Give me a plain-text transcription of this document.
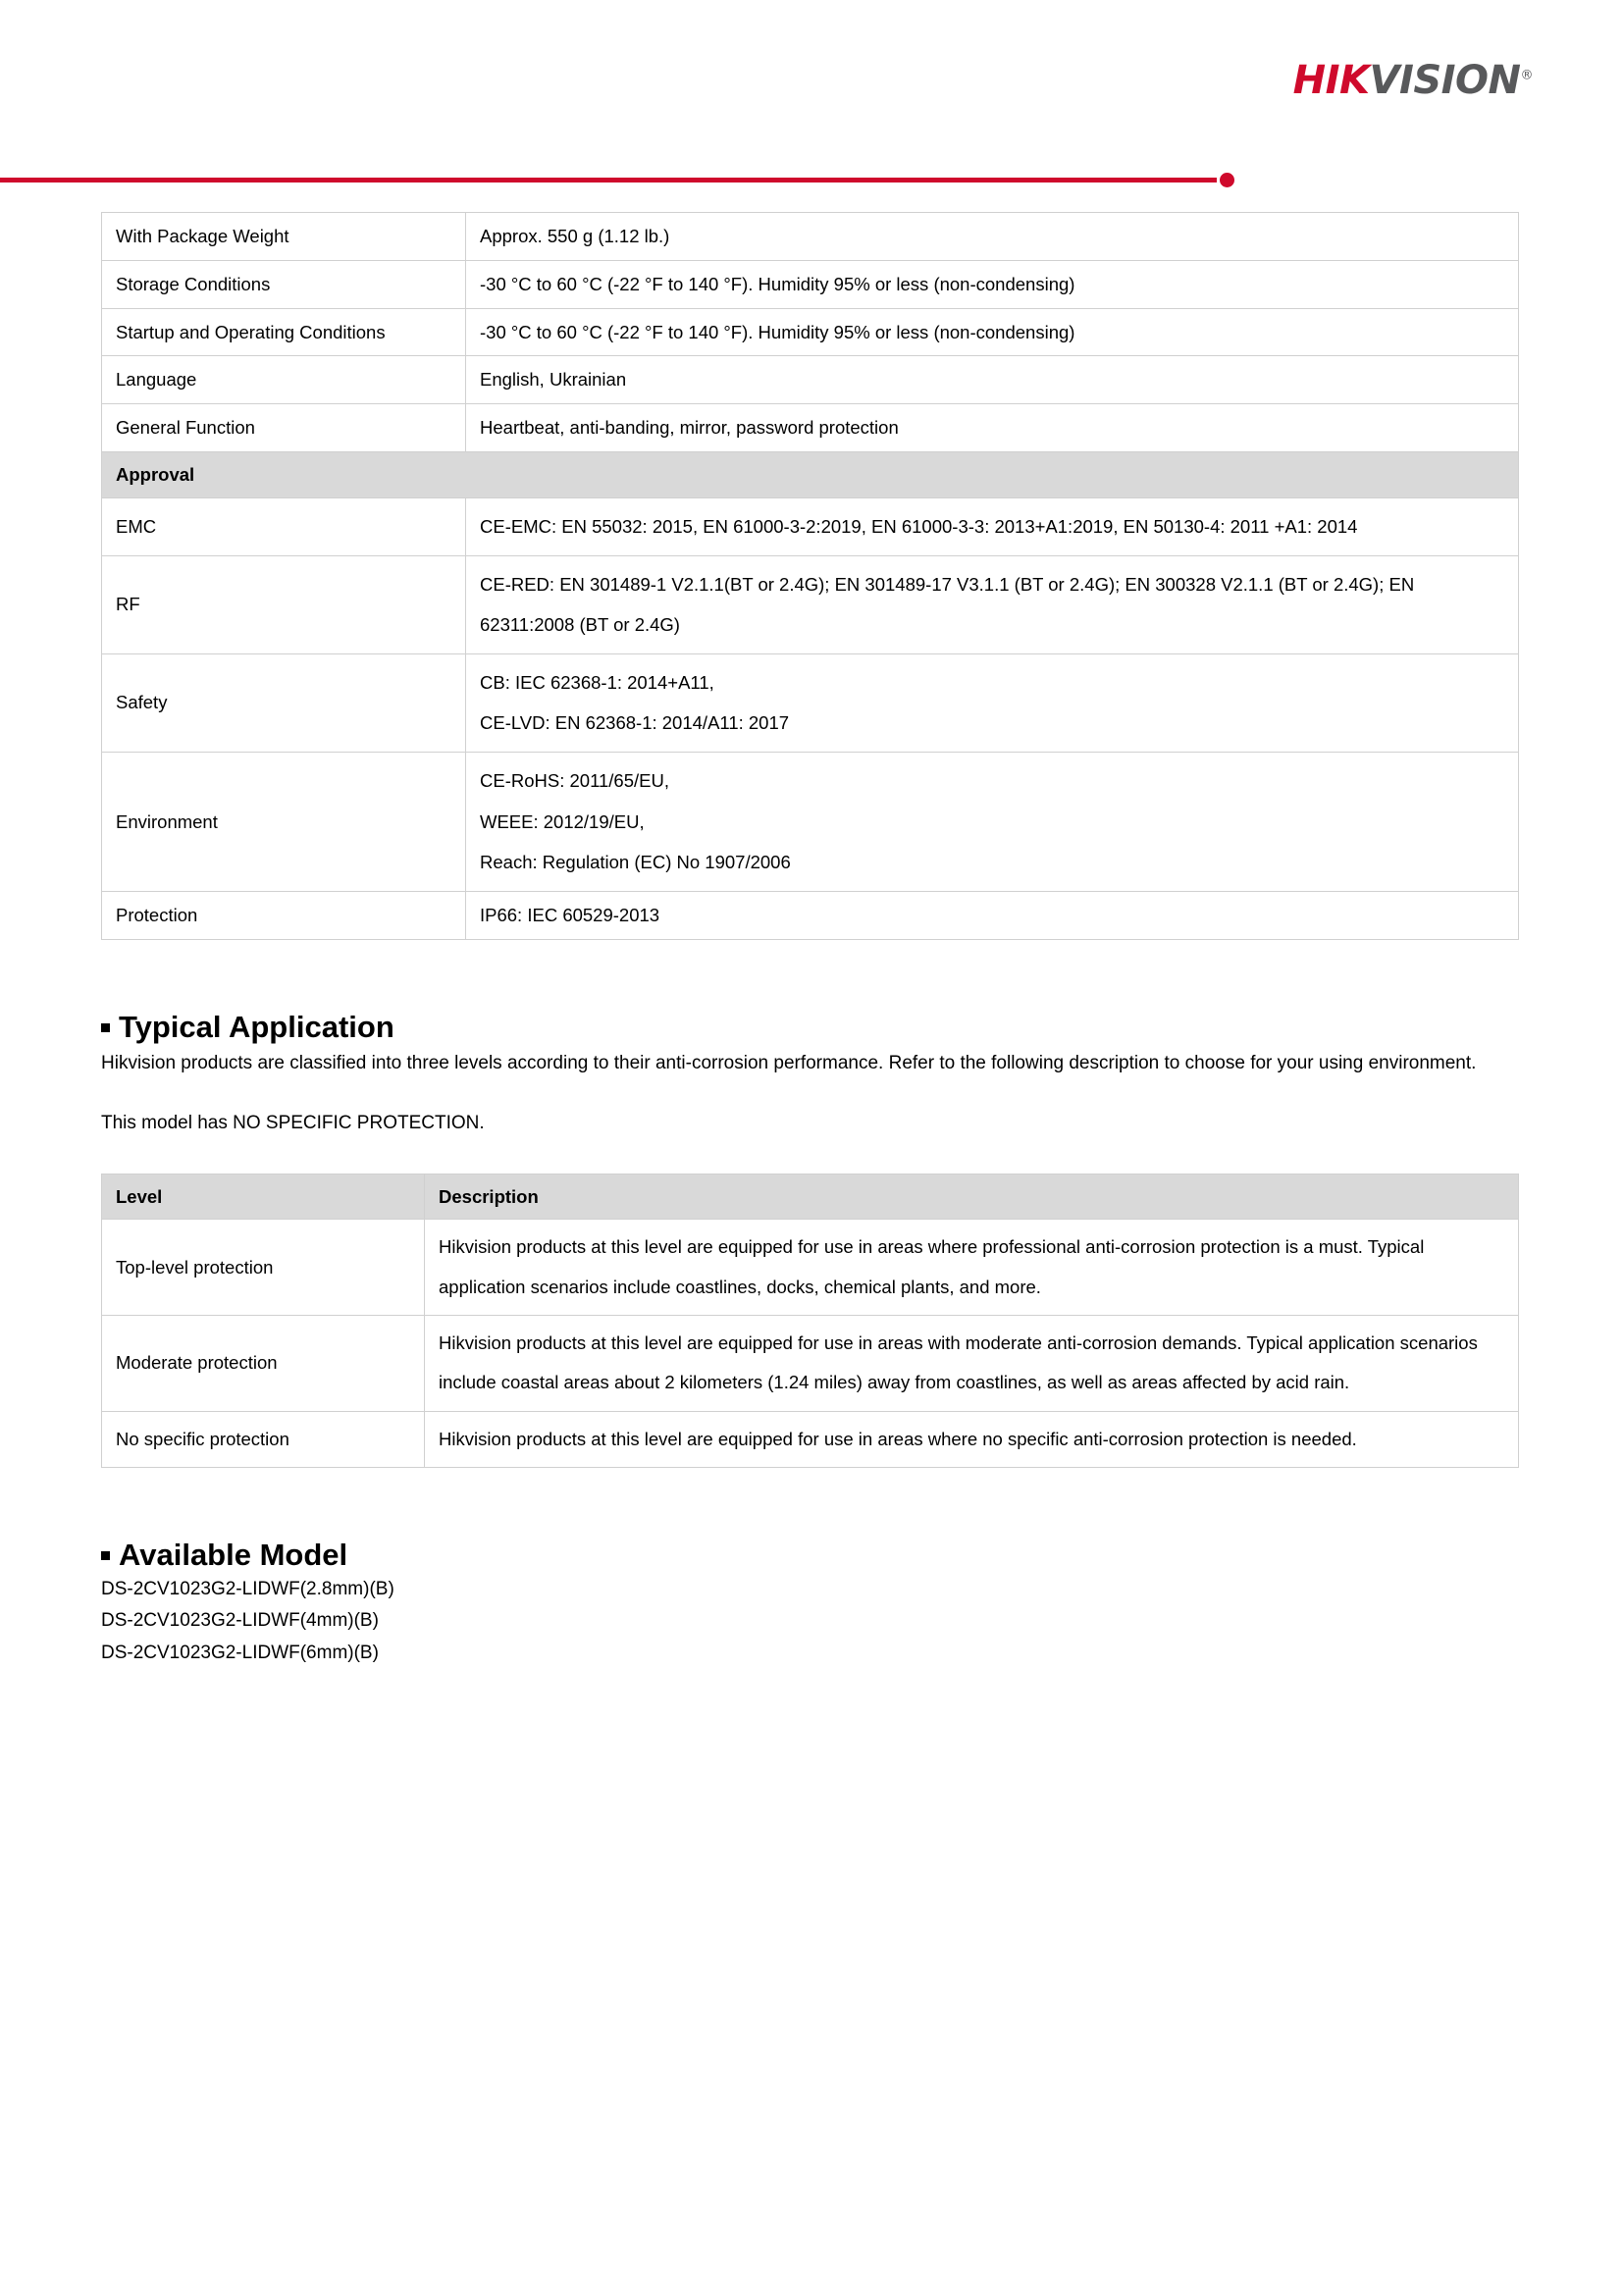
HIKVISION®
With Package Weight	Approx. 550 g (1.12 lb.)
Storage Conditions	-30 °C to 60 °C (-22 °F to 140 °F). Humidity 95% or less (non-condensing)
Startup and Operating Conditions	-30 °C to 60 °C (-22 °F to 140 °F). Humidity 95% or less (non-condensing)
Language	English, Ukrainian
General Function	Heartbeat, anti-banding, mirror, password protection
Approval	
EMC	CE-EMC: EN 55032: 2015, EN 61000-3-2:2019, EN 61000-3-3: 2013+A1:2019, EN 50130-4: 2011 +A1: 2014
RF	CE-RED: EN 301489-1 V2.1.1(BT or 2.4G); EN 301489-17 V3.1.1 (BT or 2.4G); EN 300328 V2.1.1 (BT or 2.4G); EN 62311:2008 (BT or 2.4G)
Safety	CB: IEC 62368-1: 2014+A11,
CE-LVD: EN 62368-1: 2014/A11: 2017

Environment	CE-RoHS: 2011/65/EU,
WEEE: 2012/19/EU,
Reach: Regulation (EC) No 1907/2006

Protection	IP66: IEC 60529-2013
Typical Application
Hikvision products are classified into three levels according to their anti-corrosion performance. Refer to the following description to choose for your using environment.
This model has NO SPECIFIC PROTECTION.
Level	Description
Top-level protection	Hikvision products at this level are equipped for use in areas where professional anti-corrosion protection is a must. Typical application scenarios include coastlines, docks, chemical plants, and more.
Moderate protection	Hikvision products at this level are equipped for use in areas with moderate anti-corrosion demands. Typical application scenarios include coastal areas about 2 kilometers (1.24 miles) away from coastlines, as well as areas affected by acid rain.
No specific protection	Hikvision products at this level are equipped for use in areas where no specific anti-corrosion protection is needed.
Available Model
DS-2CV1023G2-LIDWF(2.8mm)(B)
DS-2CV1023G2-LIDWF(4mm)(B)
DS-2CV1023G2-LIDWF(6mm)(B)
